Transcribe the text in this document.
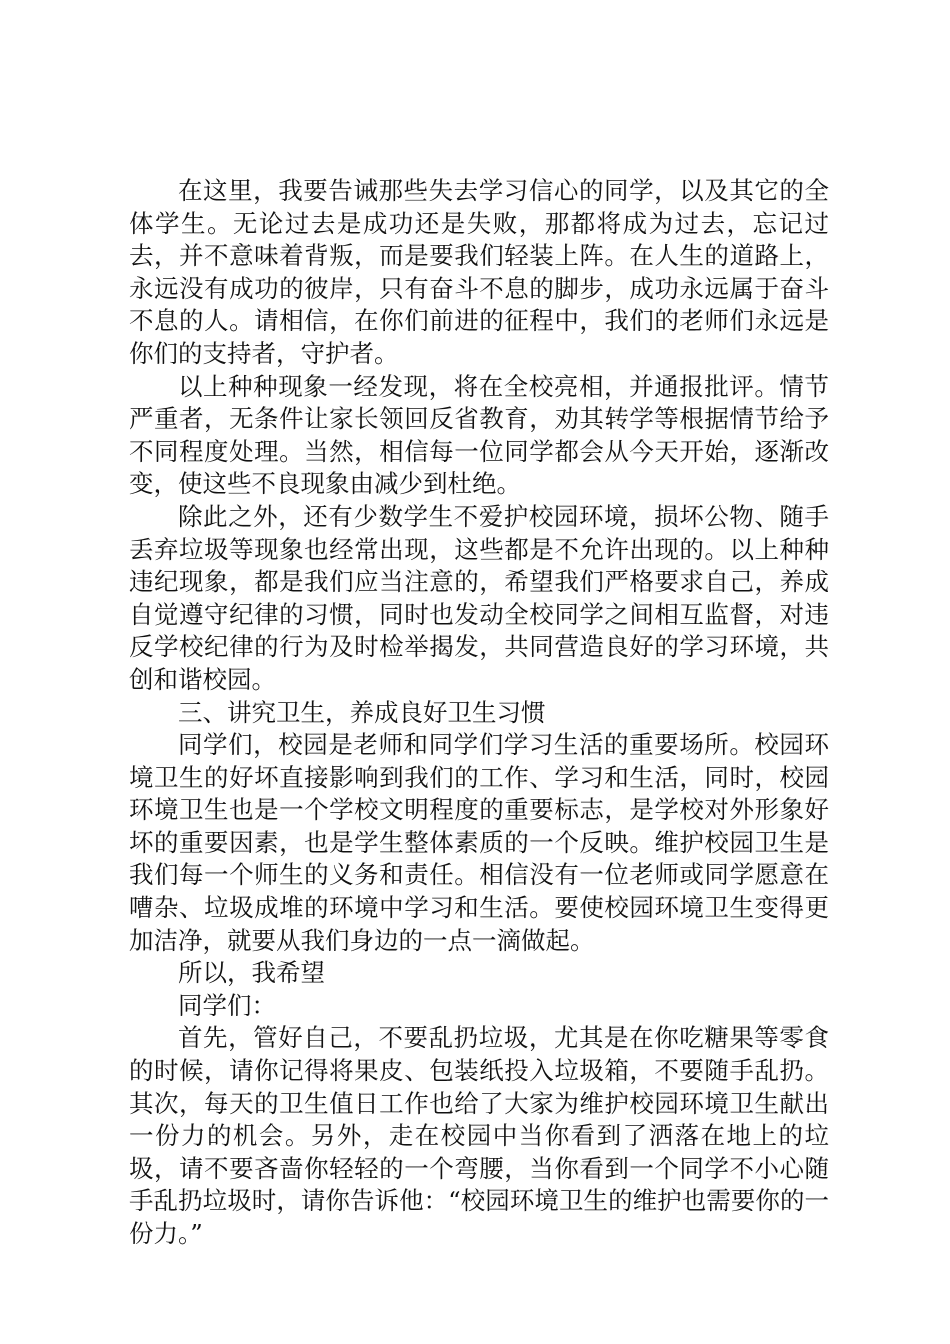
在这里，我要告诫那些失去学习信心的同学，以及其它的全体学生。无论过去是成功还是失败，那都将成为过去，忘记过去，并不意味着背叛，而是要我们轻装上阵。在人生的道路上，永远没有成功的彼岸，只有奋斗不息的脚步，成功永远属于奋斗不息的人。请相信，在你们前进的征程中，我们的老师们永远是你们的支持者，守护者。

以上种种现象一经发现，将在全校亮相，并通报批评。情节严重者，无条件让家长领回反省教育，劝其转学等根据情节给予不同程度处理。当然，相信每一位同学都会从今天开始，逐渐改变，使这些不良现象由减少到杜绝。

除此之外，还有少数学生不爱护校园环境，损坏公物、随手丢弃垃圾等现象也经常出现，这些都是不允许出现的。以上种种违纪现象，都是我们应当注意的，希望我们严格要求自己，养成自觉遵守纪律的习惯，同时也发动全校同学之间相互监督，对违反学校纪律的行为及时检举揭发，共同营造良好的学习环境，共创和谐校园。

三、讲究卫生，养成良好卫生习惯

同学们，校园是老师和同学们学习生活的重要场所。校园环境卫生的好坏直接影响到我们的工作、学习和生活，同时，校园环境卫生也是一个学校文明程度的重要标志，是学校对外形象好坏的重要因素，也是学生整体素质的一个反映。维护校园卫生是我们每一个师生的义务和责任。相信没有一位老师或同学愿意在嘈杂、垃圾成堆的环境中学习和生活。要使校园环境卫生变得更加洁净，就要从我们身边的一点一滴做起。

所以，我希望

同学们：

首先，管好自己，不要乱扔垃圾，尤其是在你吃糖果等零食的时候，请你记得将果皮、包装纸投入垃圾箱，不要随手乱扔。其次，每天的卫生值日工作也给了大家为维护校园环境卫生献出一份力的机会。另外，走在校园中当你看到了洒落在地上的垃圾，请不要吝啬你轻轻的一个弯腰，当你看到一个同学不小心随手乱扔垃圾时，请你告诉他：“校园环境卫生的维护也需要你的一份力。”
